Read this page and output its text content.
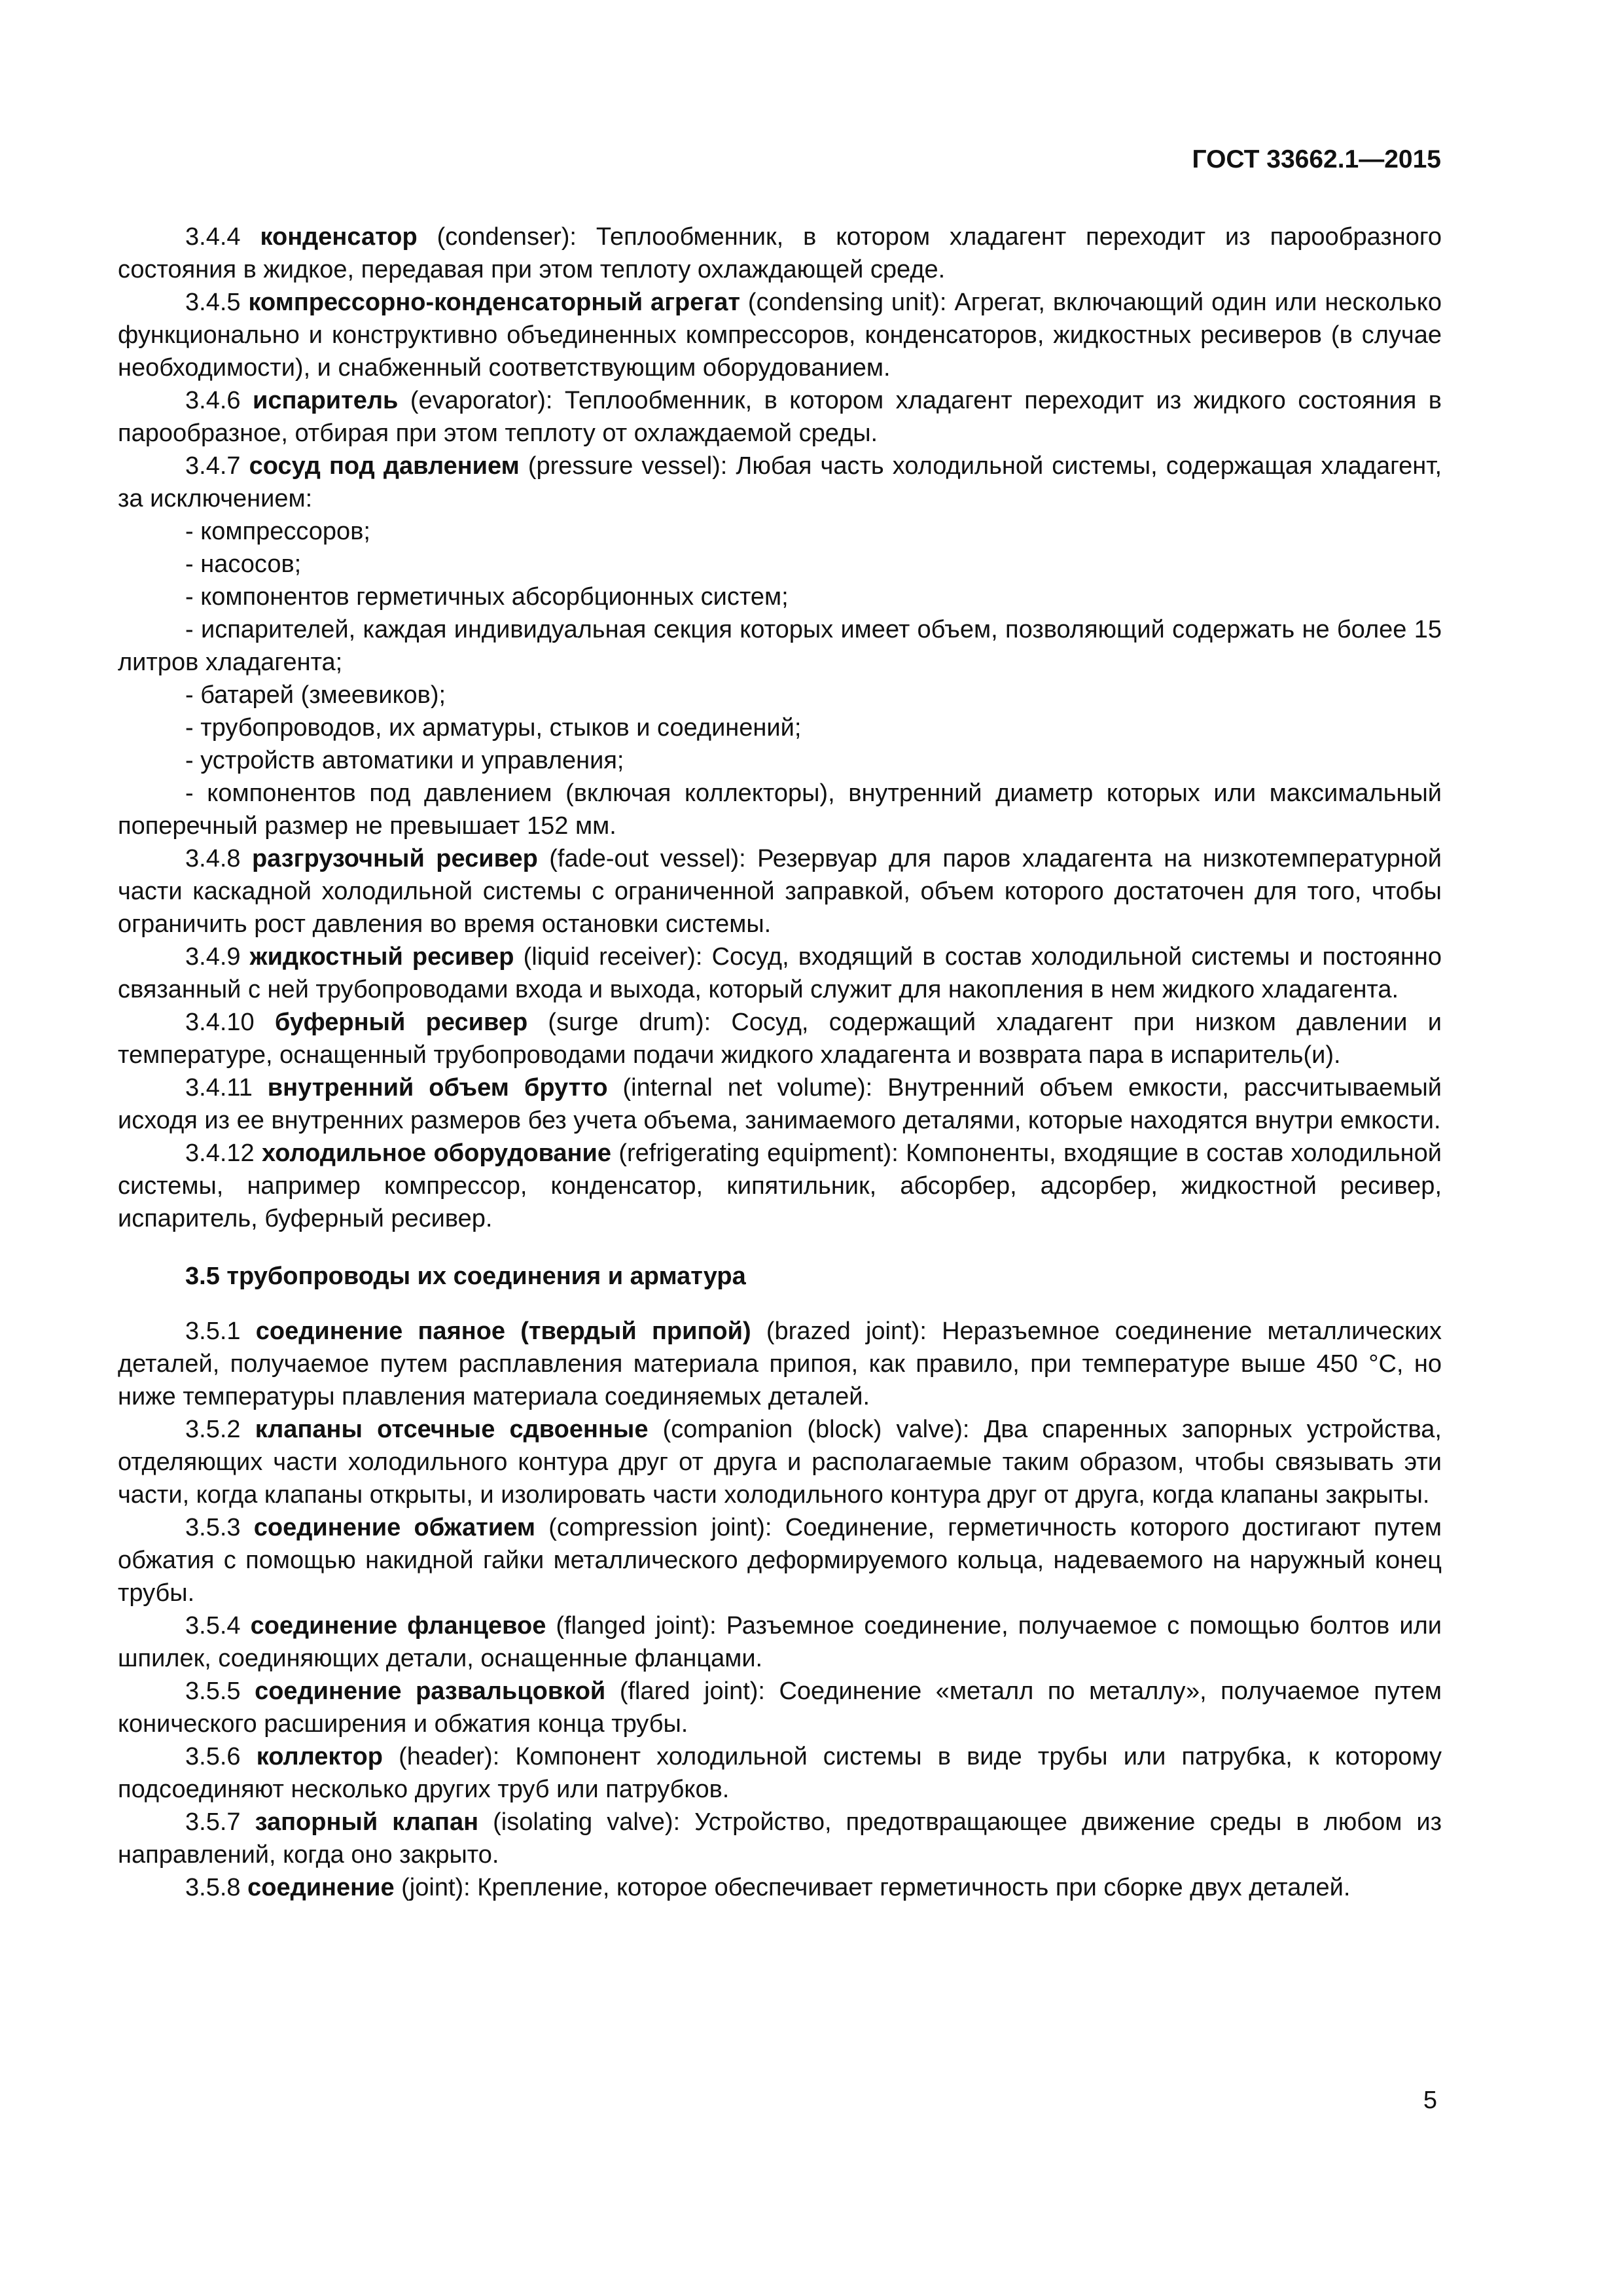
ГОСТ 33662.1—2015

3.4.4 конденсатор (condenser): Теплообменник, в котором хладагент переходит из парообразного состояния в жидкое, передавая при этом теплоту охлаждающей среде.

3.4.5 компрессорно-конденсаторный агрегат (condensing unit): Агрегат, включающий один или несколько функционально и конструктивно объединенных компрессоров, конденсаторов, жидкостных ресиверов (в случае необходимости), и снабженный соответствующим оборудованием.

3.4.6 испаритель (evaporator): Теплообменник, в котором хладагент переходит из жидкого состояния в парообразное, отбирая при этом теплоту от охлаждаемой среды.

3.4.7 сосуд под давлением (pressure vessel): Любая часть холодильной системы, содержащая хладагент, за исключением:

- компрессоров;

- насосов;

- компонентов герметичных абсорбционных систем;

- испарителей, каждая индивидуальная секция которых имеет объем, позволяющий содержать не более 15 литров хладагента;

- батарей (змеевиков);

- трубопроводов, их арматуры, стыков и соединений;

- устройств автоматики и управления;

- компонентов под давлением (включая коллекторы), внутренний диаметр которых или максимальный поперечный размер не превышает 152 мм.

3.4.8 разгрузочный ресивер (fade-out vessel): Резервуар для паров хладагента на низкотемпературной части каскадной холодильной системы с ограниченной заправкой, объем которого достаточен для того, чтобы ограничить рост давления во время остановки системы.

3.4.9 жидкостный ресивер (liquid receiver): Сосуд, входящий в состав холодильной системы и постоянно связанный с ней трубопроводами входа и выхода, который служит для накопления в нем жидкого хладагента.

3.4.10 буферный ресивер (surge drum): Сосуд, содержащий хладагент при низком давлении и температуре, оснащенный трубопроводами подачи жидкого хладагента и возврата пара в испаритель(и).

3.4.11 внутренний объем брутто (internal net volume): Внутренний объем емкости, рассчитываемый исходя из ее внутренних размеров без учета объема, занимаемого деталями, которые находятся внутри емкости.

3.4.12 холодильное оборудование (refrigerating equipment): Компоненты, входящие в состав холодильной системы, например компрессор, конденсатор, кипятильник, абсорбер, адсорбер, жидкостной ресивер, испаритель, буферный ресивер.

3.5 трубопроводы их соединения и арматура

3.5.1 соединение паяное (твердый припой) (brazed joint): Неразъемное соединение металлических деталей, получаемое путем расплавления материала припоя, как правило, при температуре выше 450 °C, но ниже температуры плавления материала соединяемых деталей.

3.5.2 клапаны отсечные сдвоенные (companion (block) valve): Два спаренных запорных устройства, отделяющих части холодильного контура друг от друга и располагаемые таким образом, чтобы связывать эти части, когда клапаны открыты, и изолировать части холодильного контура друг от друга, когда клапаны закрыты.

3.5.3 соединение обжатием (compression joint): Соединение, герметичность которого достигают путем обжатия с помощью накидной гайки металлического деформируемого кольца, надеваемого на наружный конец трубы.

3.5.4 соединение фланцевое (flanged joint): Разъемное соединение, получаемое с помощью болтов или шпилек, соединяющих детали, оснащенные фланцами.

3.5.5 соединение развальцовкой (flared joint): Соединение «металл по металлу», получаемое путем конического расширения и обжатия конца трубы.

3.5.6 коллектор (header): Компонент холодильной системы в виде трубы или патрубка, к которому подсоединяют несколько других труб или патрубков.

3.5.7 запорный клапан (isolating valve): Устройство, предотвращающее движение среды в любом из направлений, когда оно закрыто.

3.5.8 соединение (joint): Крепление, которое обеспечивает герметичность при сборке двух деталей.

5
